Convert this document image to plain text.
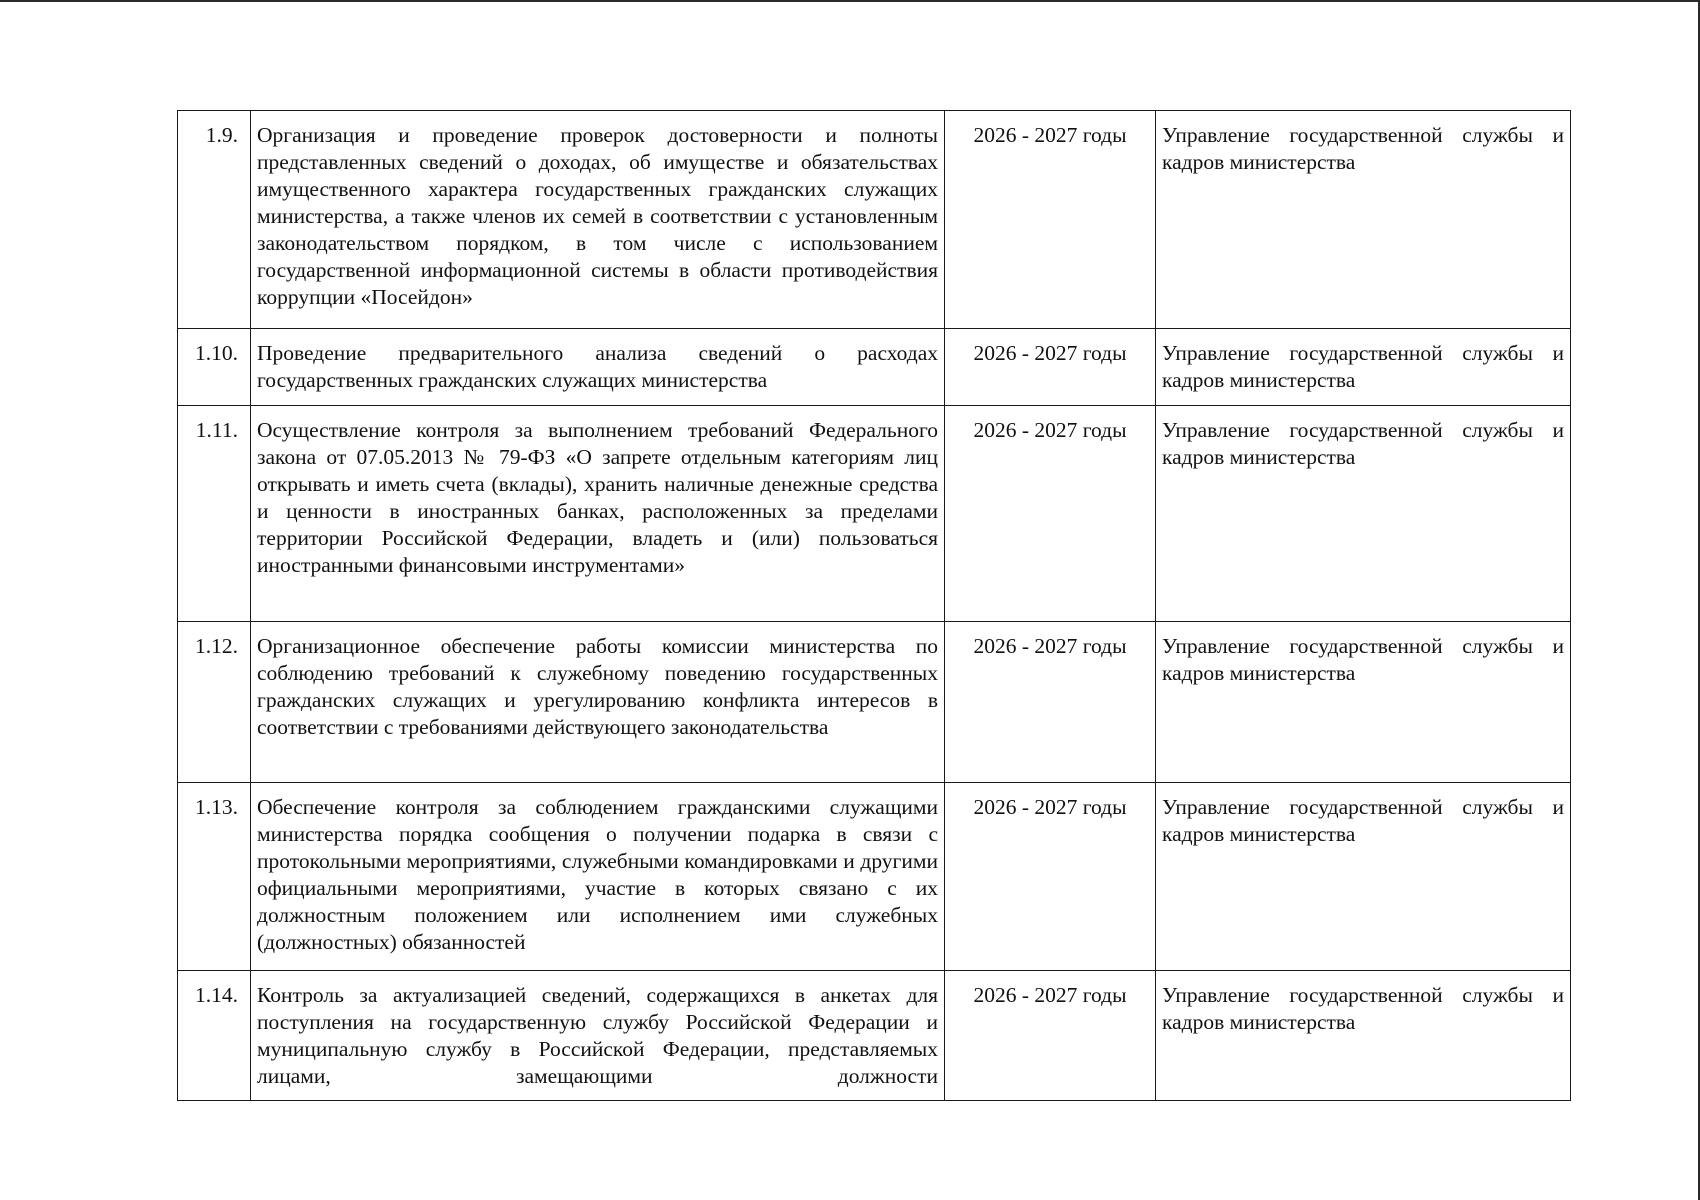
1.9.	Организация и проведение проверок достоверности и полноты представленных сведений о доходах, об имуществе и обязательствах имущественного характера государственных гражданских служащих министерства, а также членов их семей в соответствии с установленным законодательством порядком, в том числе с использованием государственной информационной системы в области противодействия коррупции «Посейдон»	2026 - 2027 годы	Управление государственной службы и кадров министерства
1.10.	Проведение предварительного анализа сведений о расходах государственных гражданских служащих министерства	2026 - 2027 годы	Управление государственной службы и кадров министерства
1.11.	Осуществление контроля за выполнением требований Федерального закона от 07.05.2013 № 79-ФЗ «О запрете отдельным категориям лиц открывать и иметь счета (вклады), хранить наличные денежные средства и ценности в иностранных банках, расположенных за пределами территории Российской Федерации, владеть и (или) пользоваться иностранными финансовыми инструментами»	2026 - 2027 годы	Управление государственной службы и кадров министерства
1.12.	Организационное обеспечение работы комиссии министерства по соблюдению требований к служебному поведению государственных гражданских служащих и урегулированию конфликта интересов в соответствии с требованиями действующего законодательства	2026 - 2027 годы	Управление государственной службы и кадров министерства
1.13.	Обеспечение контроля за соблюдением гражданскими служащими министерства порядка сообщения о получении подарка в связи с протокольными мероприятиями, служебными командировками и другими официальными мероприятиями, участие в которых связано с их должностным положением или исполнением ими служебных (должностных) обязанностей	2026 - 2027 годы	Управление государственной службы и кадров министерства
1.14.	Контроль за актуализацией сведений, содержащихся в анкетах для поступления на государственную службу Российской Федерации и муниципальную службу в Российской Федерации, представляемых лицами, замещающими должности	2026 - 2027 годы	Управление государственной службы и кадров министерства
